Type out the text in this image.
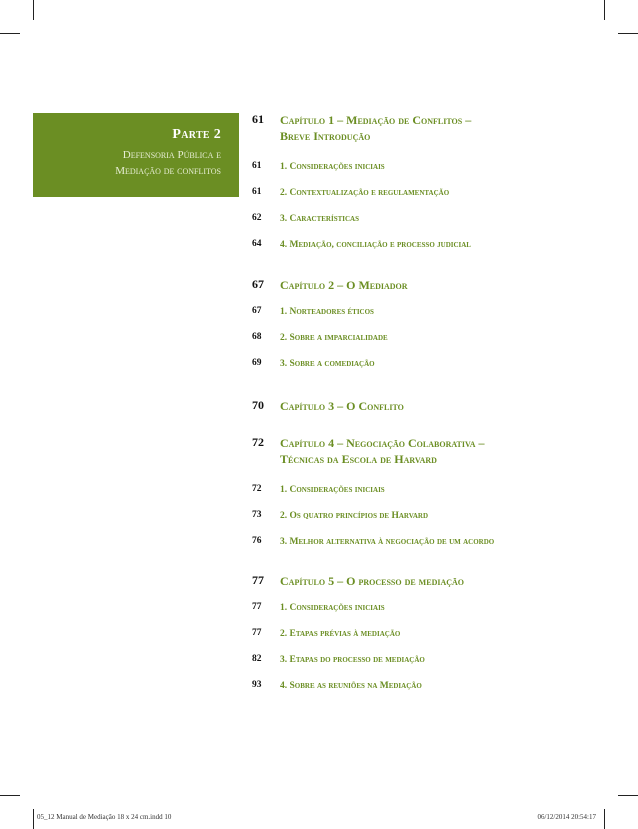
Parte 2
Defensoria Pública e
Mediação de conflitos
61	Capítulo 1 – Mediação de Conflitos –
Breve Introdução
61	1. Considerações iniciais
61	2. Contextualização e regulamentação
62	3. Características
64	4. Mediação, conciliação e processo judicial
67	Capítulo 2 – O Mediador
67	1. Norteadores éticos
68	2. Sobre a imparcialidade
69	3. Sobre a comediação
70	Capítulo 3 – O Conflito
72	Capítulo 4 – Negociação Colaborativa –
Técnicas da Escola de Harvard
72	1. Considerações iniciais
73	2. Os quatro princípios de Harvard
76	3. Melhor alternativa à negociação de um acordo
77	Capítulo 5 – O processo de mediação
77	1. Considerações iniciais
77	2. Etapas prévias à mediação
82	3. Etapas do processo de mediação
93	4. Sobre as reuniões na Mediação
05_12 Manual de Mediação 18 x 24 cm.indd 10	06/12/2014 20:54:17
